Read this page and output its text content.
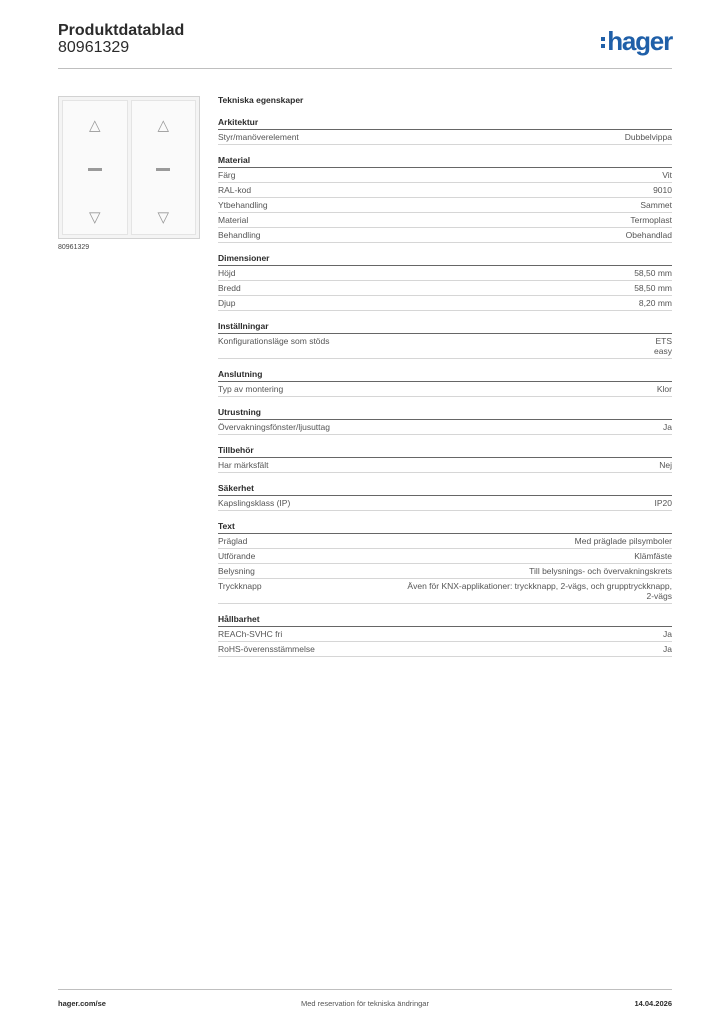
Produktdatablad
80961329	hager
△
▽
△
▽
80961329
Tekniska egenskaper
Arkitektur
Styr/manöverelement	Dubbelvippa
Material
Färg	Vit
RAL-kod	9010
Ytbehandling	Sammet
Material	Termoplast
Behandling	Obehandlad
Dimensioner
Höjd	58,50 mm
Bredd	58,50 mm
Djup	8,20 mm
Inställningar
Konfigurationsläge som stöds	ETS
easy
Anslutning
Typ av montering	Klor
Utrustning
Övervakningsfönster/ljusuttag	Ja
Tillbehör
Har märksfält	Nej
Säkerhet
Kapslingsklass (IP)	IP20
Text
Präglad	Med präglade pilsymboler
Utförande	Klämfäste
Belysning	Till belysnings- och övervakningskrets
Tryckknapp	Även för KNX-applikationer: tryckknapp, 2-vägs, och grupptryckknapp,
2-vägs
Hållbarhet
REACh-SVHC fri	Ja
RoHS-överensstämmelse	Ja
hager.com/se	Med reservation för tekniska ändringar	14.04.2026
